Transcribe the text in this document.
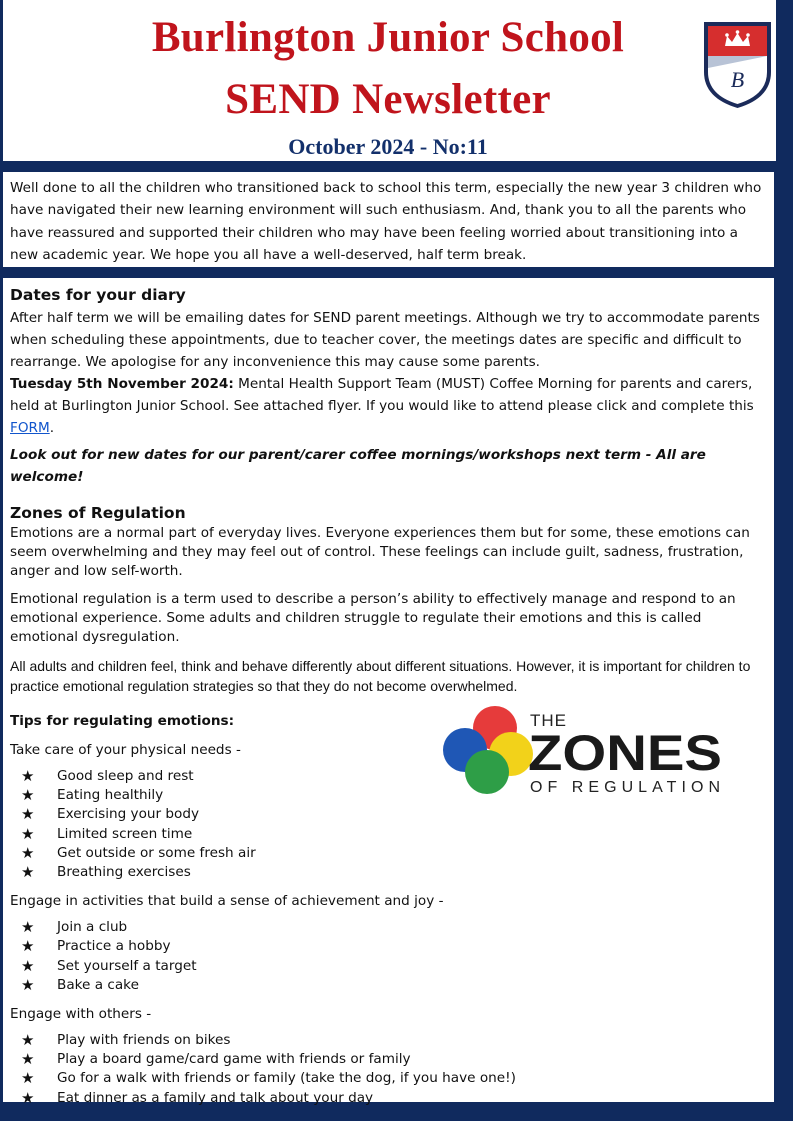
Burlington Junior School
SEND Newsletter
October 2024 - No:11
B

Well done to all the children who transitioned back to school this term, especially the new year 3 children who have navigated their new learning environment will such enthusiasm. And, thank you to all the parents who have reassured and supported their children who may have been feeling worried about transitioning into a new academic year. We hope you all have a well-deserved, half term break.

Dates for your diary

After half term we will be emailing dates for SEND parent meetings. Although we try to accommodate parents when scheduling these appointments, due to teacher cover, the meetings dates are specific and difficult to rearrange. We apologise for any inconvenience this may cause some parents.

Tuesday 5th November 2024: Mental Health Support Team (MUST) Coffee Morning for parents and carers, held at Burlington Junior School. See attached flyer. If you would like to attend please click and complete this FORM.

Look out for new dates for our parent/carer coffee mornings/workshops next term - All are welcome!

Zones of Regulation

Emotions are a normal part of everyday lives. Everyone experiences them but for some, these emotions can seem overwhelming and they may feel out of control. These feelings can include guilt, sadness, frustration, anger and low self-worth.

Emotional regulation is a term used to describe a person’s ability to effectively manage and respond to an emotional experience. Some adults and children struggle to regulate their emotions and this is called emotional dysregulation.

All adults and children feel, think and behave differently about different situations. However, it is important for children to practice emotional regulation strategies so that they do not become overwhelmed.

Tips for regulating emotions:

Take care of your physical needs -

★ Good sleep and rest
★ Eating healthily
★ Exercising your body
★ Limited screen time
★ Get outside or some fresh air
★ Breathing exercises

Engage in activities that build a sense of achievement and joy -

★ Join a club
★ Practice a hobby
★ Set yourself a target
★ Bake a cake

Engage with others -

★ Play with friends on bikes
★ Play a board game/card game with friends or family
★ Go for a walk with friends or family (take the dog, if you have one!)
★ Eat dinner as a family and talk about your day
THE
ZONES
OF REGULATION
